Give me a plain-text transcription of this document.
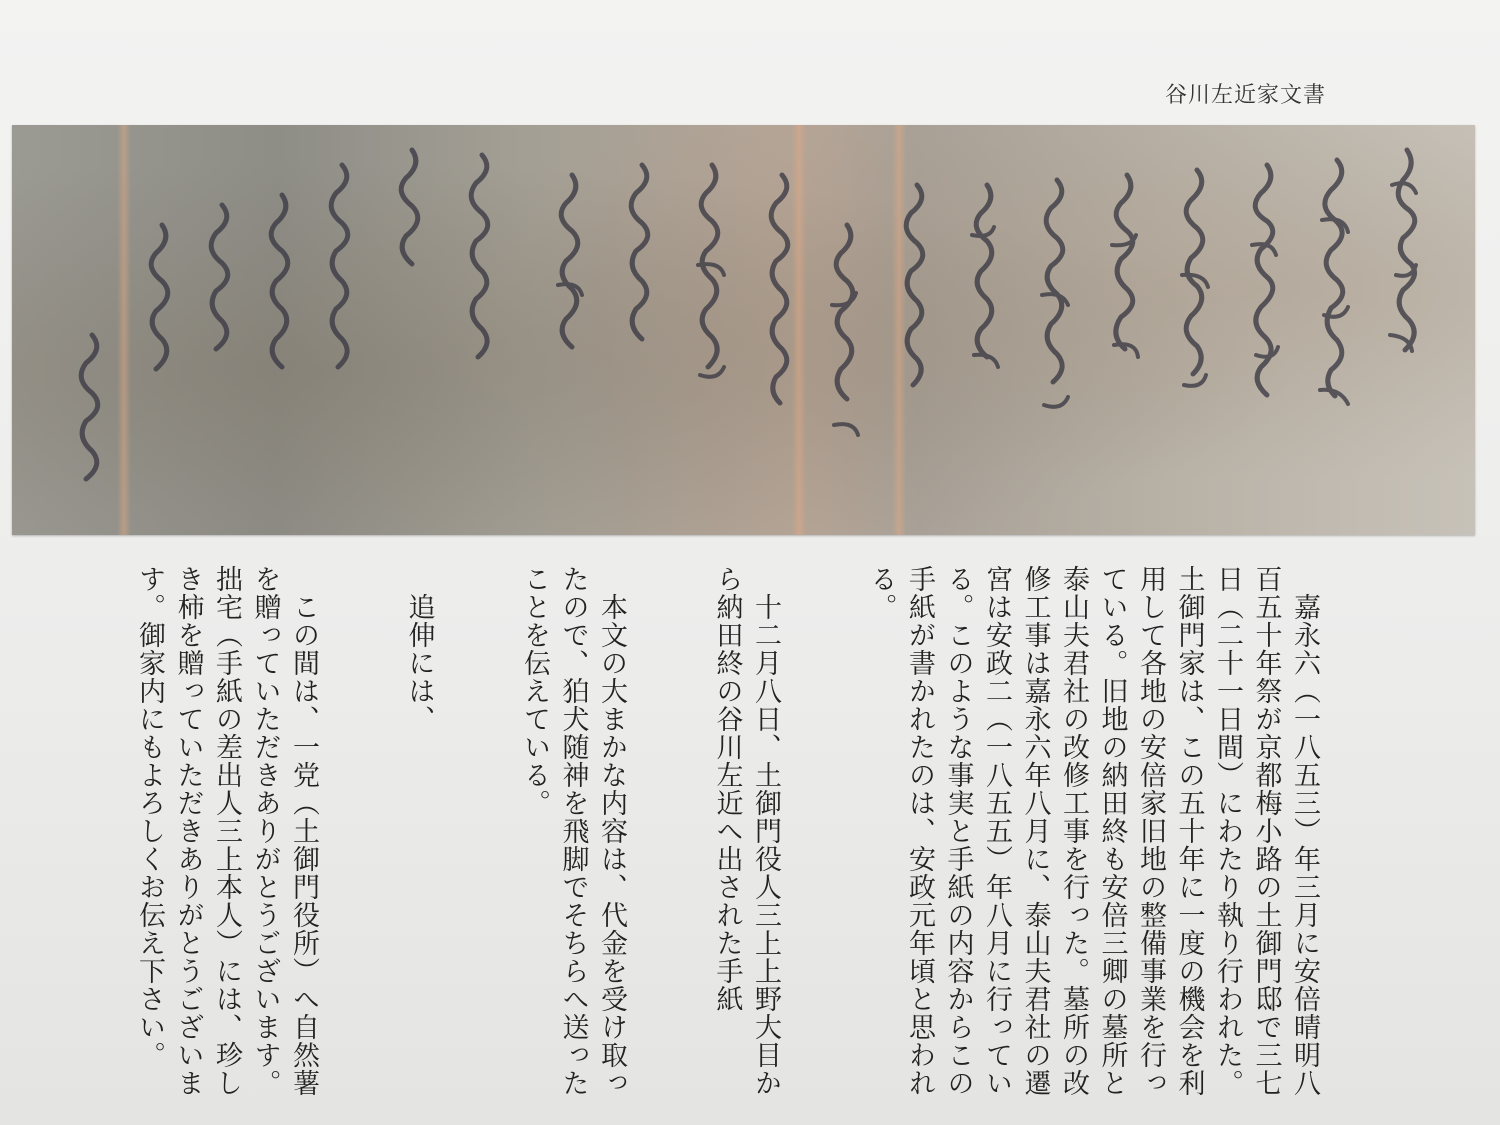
谷川左近家文書

　嘉永六（一八五三）年三月に安倍晴明八百五十年祭が京都梅小路の土御門邸で三七日（二十一日間）にわたり執り行われた。土御門家は、この五十年に一度の機会を利用して各地の安倍家旧地の整備事業を行っている。旧地の納田終も安倍三卿の墓所と泰山夫君社の改修工事を行った。墓所の改修工事は嘉永六年八月に、泰山夫君社の遷宮は安政二（一八五五）年八月に行っている。このような事実と手紙の内容からこの手紙が書かれたのは、安政元年頃と思われる。

　十二月八日、土御門役人三上上野大目から納田終の谷川左近へ出された手紙

　本文の大まかな内容は、代金を受け取ったので、狛犬随神を飛脚でそちらへ送ったことを伝えている。

　追伸には、

　この間は、一党（土御門役所）へ自然薯を贈っていただきありがとうございます。拙宅（手紙の差出人三上本人）には、珍しき柿を贈っていただきありがとうございます。御家内にもよろしくお伝え下さい。
